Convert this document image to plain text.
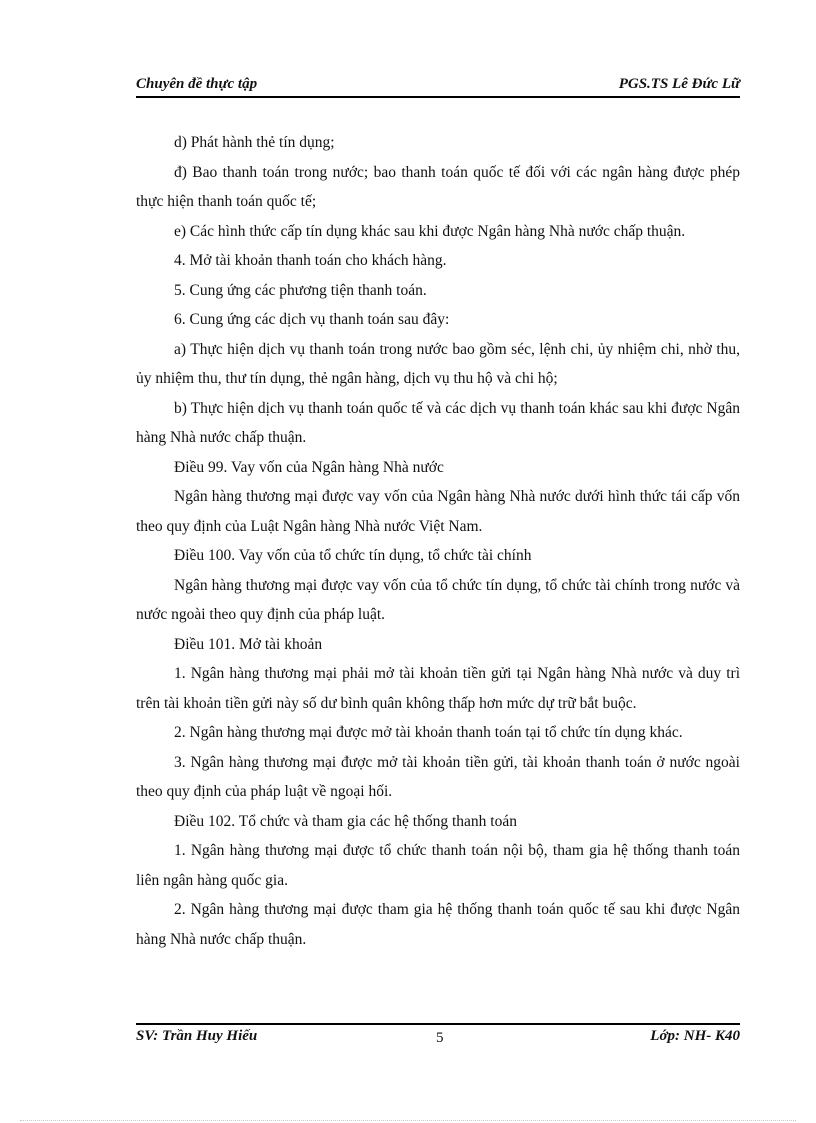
Chuyên đề thực tập	PGS.TS Lê Đức Lữ

d) Phát hành thẻ tín dụng;

đ) Bao thanh toán trong nước; bao thanh toán quốc tế đối với các ngân hàng được phép thực hiện thanh toán quốc tế;

e) Các hình thức cấp tín dụng khác sau khi được Ngân hàng Nhà nước chấp thuận.

4. Mở tài khoản thanh toán cho khách hàng.

5. Cung ứng các phương tiện thanh toán.

6. Cung ứng các dịch vụ thanh toán sau đây:

a) Thực hiện dịch vụ thanh toán trong nước bao gồm séc, lệnh chi, ủy nhiệm chi, nhờ thu, ủy nhiệm thu, thư tín dụng, thẻ ngân hàng, dịch vụ thu hộ và chi hộ;

b) Thực hiện dịch vụ thanh toán quốc tế và các dịch vụ thanh toán khác sau khi được Ngân hàng Nhà nước chấp thuận.

Điều 99. Vay vốn của Ngân hàng Nhà nước

Ngân hàng thương mại được vay vốn của Ngân hàng Nhà nước dưới hình thức tái cấp vốn theo quy định của Luật Ngân hàng Nhà nước Việt Nam.

Điều 100. Vay vốn của tổ chức tín dụng, tổ chức tài chính

Ngân hàng thương mại được vay vốn của tổ chức tín dụng, tổ chức tài chính trong nước và nước ngoài theo quy định của pháp luật.

Điều 101. Mở tài khoản

1. Ngân hàng thương mại phải mở tài khoản tiền gửi tại Ngân hàng Nhà nước và duy trì trên tài khoản tiền gửi này số dư bình quân không thấp hơn mức dự trữ bắt buộc.

2. Ngân hàng thương mại được mở tài khoản thanh toán tại tổ chức tín dụng khác.

3. Ngân hàng thương mại được mở tài khoản tiền gửi, tài khoản thanh toán ở nước ngoài theo quy định của pháp luật về ngoại hối.

Điều 102. Tổ chức và tham gia các hệ thống thanh toán

1. Ngân hàng thương mại được tổ chức thanh toán nội bộ, tham gia hệ thống thanh toán liên ngân hàng quốc gia.

2. Ngân hàng thương mại được tham gia hệ thống thanh toán quốc tế sau khi được Ngân hàng Nhà nước chấp thuận.

SV: Trần Huy Hiếu	5	Lớp: NH- K40
